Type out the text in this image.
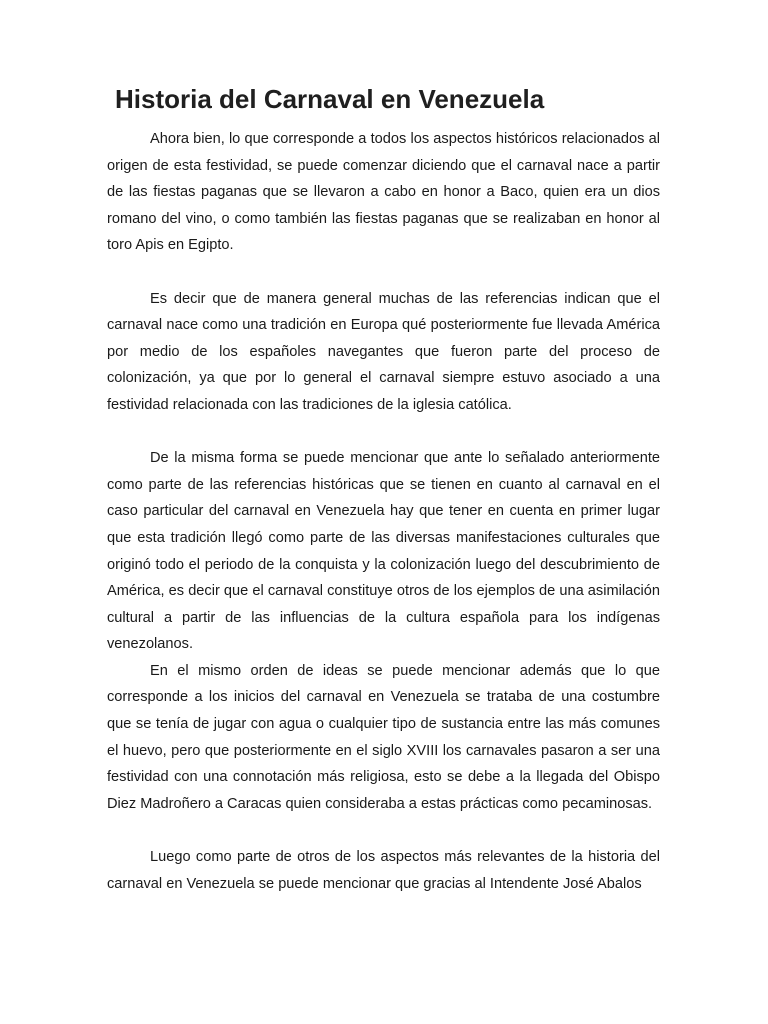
Historia del Carnaval en Venezuela

Ahora bien, lo que corresponde a todos los aspectos históricos relacionados al origen de esta festividad, se puede comenzar diciendo que el carnaval nace a partir de las fiestas paganas que se llevaron a cabo en honor a Baco, quien era un dios romano del vino, o como también las fiestas paganas que se realizaban en honor al toro Apis en Egipto.

Es decir que de manera general muchas de las referencias indican que el carnaval nace como una tradición en Europa qué posteriormente fue llevada América por medio de los españoles navegantes que fueron parte del proceso de colonización, ya que por lo general el carnaval siempre estuvo asociado a una festividad relacionada con las tradiciones de la iglesia católica.

De la misma forma se puede mencionar que ante lo señalado anteriormente como parte de las referencias históricas que se tienen en cuanto al carnaval en el caso particular del carnaval en Venezuela hay que tener en cuenta en primer lugar que esta tradición llegó como parte de las diversas manifestaciones culturales que originó todo el periodo de la conquista y la colonización luego del descubrimiento de América, es decir que el carnaval constituye otros de los ejemplos de una asimilación cultural a partir de las influencias de la cultura española para los indígenas venezolanos.

En el mismo orden de ideas se puede mencionar además que lo que corresponde a los inicios del carnaval en Venezuela se trataba de una costumbre que se tenía de jugar con agua o cualquier tipo de sustancia entre las más comunes el huevo, pero que posteriormente en el siglo XVIII los carnavales pasaron a ser una festividad con una connotación más religiosa, esto se debe a la llegada del Obispo Diez Madroñero a Caracas quien consideraba a estas prácticas como pecaminosas.

Luego como parte de otros de los aspectos más relevantes de la historia del carnaval en Venezuela se puede mencionar que gracias al Intendente José Abalos
